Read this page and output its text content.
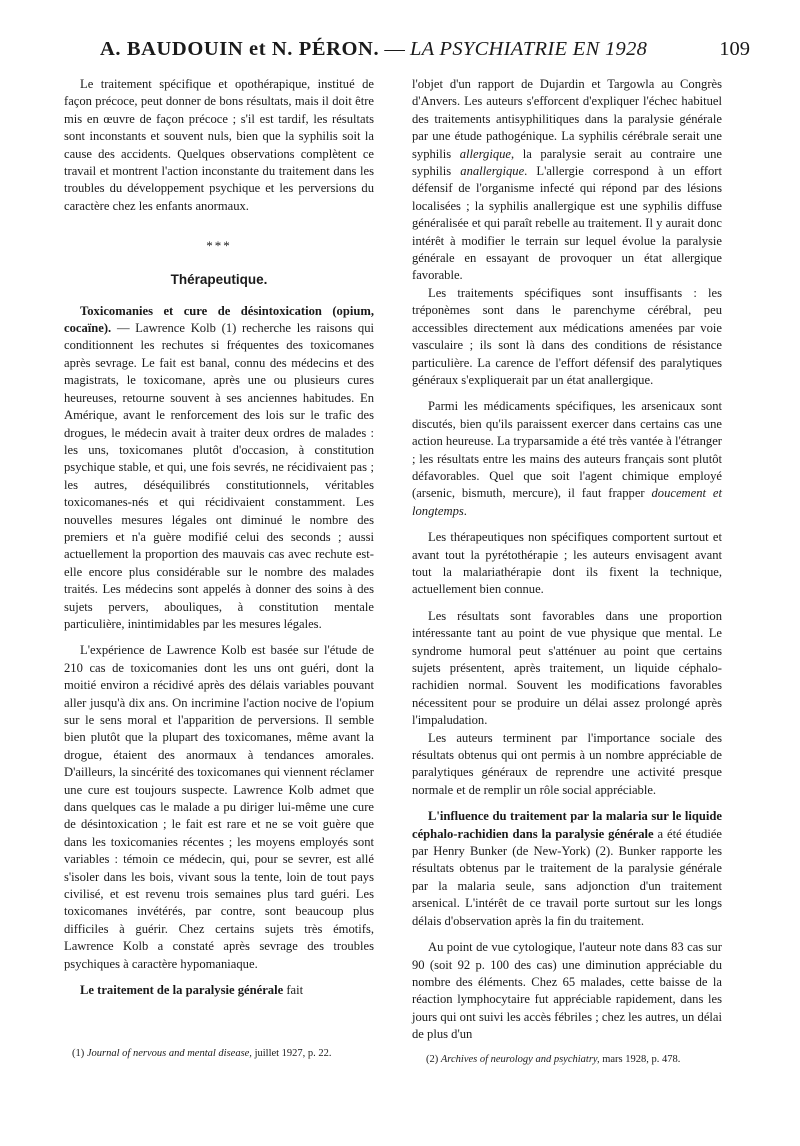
A. BAUDOUIN et N. PÉRON. — LA PSYCHIATRIE EN 1928	109

Le traitement spécifique et opothérapique, institué de façon précoce, peut donner de bons résultats, mais il doit être mis en œuvre de façon précoce ; s'il est tardif, les résultats sont inconstants et souvent nuls, bien que la syphilis soit la cause des accidents. Quelques observations complètent ce travail et montrent l'action inconstante du traitement dans les troubles du développement psychique et les perversions du caractère chez les enfants anormaux.

***
Thérapeutique.

Toxicomanies et cure de désintoxication (opium, cocaïne). — Lawrence Kolb (1) recherche les raisons qui conditionnent les rechutes si fréquentes des toxicomanes après sevrage. Le fait est banal, connu des médecins et des magistrats, le toxicomane, après une ou plusieurs cures heureuses, retourne souvent à ses anciennes habitudes. En Amérique, avant le renforcement des lois sur le trafic des drogues, le médecin avait à traiter deux ordres de malades : les uns, toxicomanes plutôt d'occasion, à constitution psychique stable, et qui, une fois sevrés, ne récidivaient pas ; les autres, déséquilibrés constitutionnels, véritables toxicomanes-nés et qui récidivaient constamment. Les nouvelles mesures légales ont diminué le nombre des premiers et n'a guère modifié celui des seconds ; aussi actuellement la proportion des mauvais cas avec rechute est-elle encore plus considérable sur le nombre des malades traités. Les médecins sont appelés à donner des soins à des sujets pervers, abouliques, à constitution mentale particulière, inintimidables par les mesures légales.

L'expérience de Lawrence Kolb est basée sur l'étude de 210 cas de toxicomanies dont les uns ont guéri, dont la moitié environ a récidivé après des délais variables pouvant aller jusqu'à dix ans. On incrimine l'action nocive de l'opium sur le sens moral et l'apparition de perversions. Il semble bien plutôt que la plupart des toxicomanes, même avant la drogue, étaient des anormaux à tendances amorales. D'ailleurs, la sincérité des toxicomanes qui viennent réclamer une cure est toujours suspecte. Lawrence Kolb admet que dans quelques cas le malade a pu diriger lui-même une cure de désintoxication ; le fait est rare et ne se voit guère que dans les toxicomanies récentes ; les moyens employés sont variables : témoin ce médecin, qui, pour se sevrer, est allé s'isoler dans les bois, vivant sous la tente, loin de tout pays civilisé, et est revenu trois semaines plus tard guéri. Les toxicomanes invétérés, par contre, sont beaucoup plus difficiles à guérir. Chez certains sujets très émotifs, Lawrence Kolb a constaté après sevrage des troubles psychiques à caractère hypomaniaque.

Le traitement de la paralysie générale fait

l'objet d'un rapport de Dujardin et Targowla au Congrès d'Anvers. Les auteurs s'efforcent d'expliquer l'échec habituel des traitements antisyphilitiques dans la paralysie générale par une étude pathogénique. La syphilis cérébrale serait une syphilis allergique, la paralysie serait au contraire une syphilis anallergique. L'allergie correspond à un effort défensif de l'organisme infecté qui répond par des lésions localisées ; la syphilis anallergique est une syphilis diffuse généralisée et qui paraît rebelle au traitement. Il y aurait donc intérêt à modifier le terrain sur lequel évolue la paralysie générale en essayant de provoquer un état allergique favorable.

Les traitements spécifiques sont insuffisants : les tréponèmes sont dans le parenchyme cérébral, peu accessibles directement aux médications amenées par voie vasculaire ; ils sont là dans des conditions de résistance particulière. La carence de l'effort défensif des paralytiques généraux s'expliquerait par un état anallergique.

Parmi les médicaments spécifiques, les arsenicaux sont discutés, bien qu'ils paraissent exercer dans certains cas une action heureuse. La tryparsamide a été très vantée à l'étranger ; les résultats entre les mains des auteurs français sont plutôt défavorables. Quel que soit l'agent chimique employé (arsenic, bismuth, mercure), il faut frapper doucement et longtemps.

Les thérapeutiques non spécifiques comportent surtout et avant tout la pyrétothérapie ; les auteurs envisagent avant tout la malariathérapie dont ils fixent la technique, actuellement bien connue.

Les résultats sont favorables dans une proportion intéressante tant au point de vue physique que mental. Le syndrome humoral peut s'atténuer au point que certains sujets présentent, après traitement, un liquide céphalo-rachidien normal. Souvent les modifications favorables nécessitent pour se produire un délai assez prolongé après l'impaludation.

Les auteurs terminent par l'importance sociale des résultats obtenus qui ont permis à un nombre appréciable de paralytiques généraux de reprendre une activité presque normale et de remplir un rôle social appréciable.

L'influence du traitement par la malaria sur le liquide céphalo-rachidien dans la paralysie générale a été étudiée par Henry Bunker (de New-York) (2). Bunker rapporte les résultats obtenus par le traitement de la paralysie générale par la malaria seule, sans adjonction d'un traitement arsenical. L'intérêt de ce travail porte surtout sur les longs délais d'observation après la fin du traitement.

Au point de vue cytologique, l'auteur note dans 83 cas sur 90 (soit 92 p. 100 des cas) une diminution appréciable du nombre des éléments. Chez 65 malades, cette baisse de la réaction lymphocytaire fut appréciable rapidement, dans les jours qui ont suivi les accès fébriles ; chez les autres, un délai de plus d'un

(1) Journal of nervous and mental disease, juillet 1927, p. 22.
(2) Archives of neurology and psychiatry, mars 1928, p. 478.
